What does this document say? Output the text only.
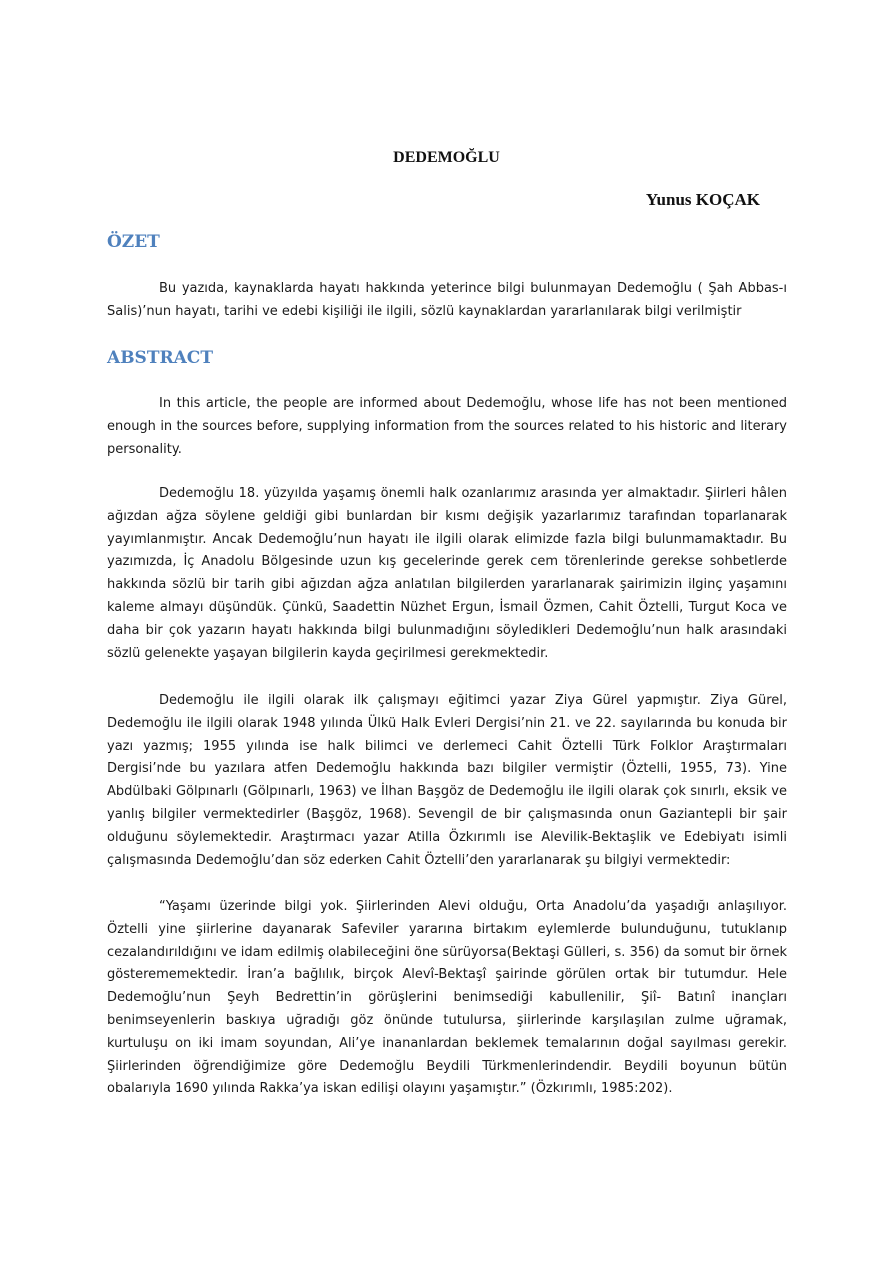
DEDEMOĞLU
Yunus KOÇAK
ÖZET

Bu yazıda, kaynaklarda hayatı hakkında yeterince bilgi bulunmayan Dedemoğlu ( Şah Abbas-ı Salis)’nun hayatı, tarihi ve edebi kişiliği ile ilgili, sözlü kaynaklardan yararlanılarak bilgi verilmiştir

ABSTRACT

In this article, the people are informed about Dedemoğlu, whose life has not been mentioned enough in the sources before, supplying information from the sources related to his historic and literary personality.

Dedemoğlu 18. yüzyılda yaşamış önemli halk ozanlarımız arasında yer almaktadır. Şiirleri hâlen ağızdan ağza söylene geldiği gibi bunlardan bir kısmı değişik yazarlarımız tarafından toparlanarak yayımlanmıştır. Ancak Dedemoğlu’nun hayatı ile ilgili olarak elimizde fazla bilgi bulunmamaktadır. Bu yazımızda, İç Anadolu Bölgesinde uzun kış gecelerinde gerek cem törenlerinde gerekse sohbetlerde hakkında sözlü bir tarih gibi ağızdan ağza anlatılan bilgilerden yararlanarak şairimizin ilginç yaşamını kaleme almayı düşündük. Çünkü, Saadettin Nüzhet Ergun, İsmail Özmen, Cahit Öztelli, Turgut Koca ve daha bir çok yazarın hayatı hakkında bilgi bulunmadığını söyledikleri Dedemoğlu’nun halk arasındaki sözlü gelenekte yaşayan bilgilerin kayda geçirilmesi gerekmektedir.

Dedemoğlu ile ilgili olarak ilk çalışmayı eğitimci yazar Ziya Gürel yapmıştır. Ziya Gürel, Dedemoğlu ile ilgili olarak 1948 yılında Ülkü Halk Evleri Dergisi’nin 21. ve 22. sayılarında bu konuda bir yazı yazmış; 1955 yılında ise halk bilimci ve derlemeci Cahit Öztelli Türk Folklor Araştırmaları Dergisi’nde bu yazılara atfen Dedemoğlu hakkında bazı bilgiler vermiştir (Öztelli, 1955, 73). Yine Abdülbaki Gölpınarlı (Gölpınarlı, 1963) ve İlhan Başgöz de Dedemoğlu ile ilgili olarak çok sınırlı, eksik ve yanlış bilgiler vermektedirler (Başgöz, 1968). Sevengil de bir çalışmasında onun Gaziantepli bir şair olduğunu söylemektedir. Araştırmacı yazar Atilla Özkırımlı ise Alevilik-Bektaşlik ve Edebiyatı isimli çalışmasında Dedemoğlu’dan söz ederken Cahit Öztelli’den yararlanarak şu bilgiyi vermektedir:

“Yaşamı üzerinde bilgi yok. Şiirlerinden Alevi olduğu, Orta Anadolu’da yaşadığı anlaşılıyor. Öztelli yine şiirlerine dayanarak Safeviler yararına birtakım eylemlerde bulunduğunu, tutuklanıp cezalandırıldığını ve idam edilmiş olabileceğini öne sürüyorsa(Bektaşi Gülleri, s. 356) da somut bir örnek gösterememektedir. İran’a bağlılık, birçok Alevî-Bektaşî şairinde görülen ortak bir tutumdur. Hele Dedemoğlu’nun Şeyh Bedrettin’in görüşlerini benimsediği kabullenilir, Şiî- Batınî inançları benimseyenlerin baskıya uğradığı göz önünde tutulursa, şiirlerinde karşılaşılan zulme uğramak, kurtuluşu on iki imam soyundan, Ali’ye inananlardan beklemek temalarının doğal sayılması gerekir. Şiirlerinden öğrendiğimize göre Dedemoğlu Beydili Türkmenlerindendir. Beydili boyunun bütün obalarıyla 1690 yılında Rakka’ya iskan edilişi olayını yaşamıştır.” (Özkırımlı, 1985:202).
